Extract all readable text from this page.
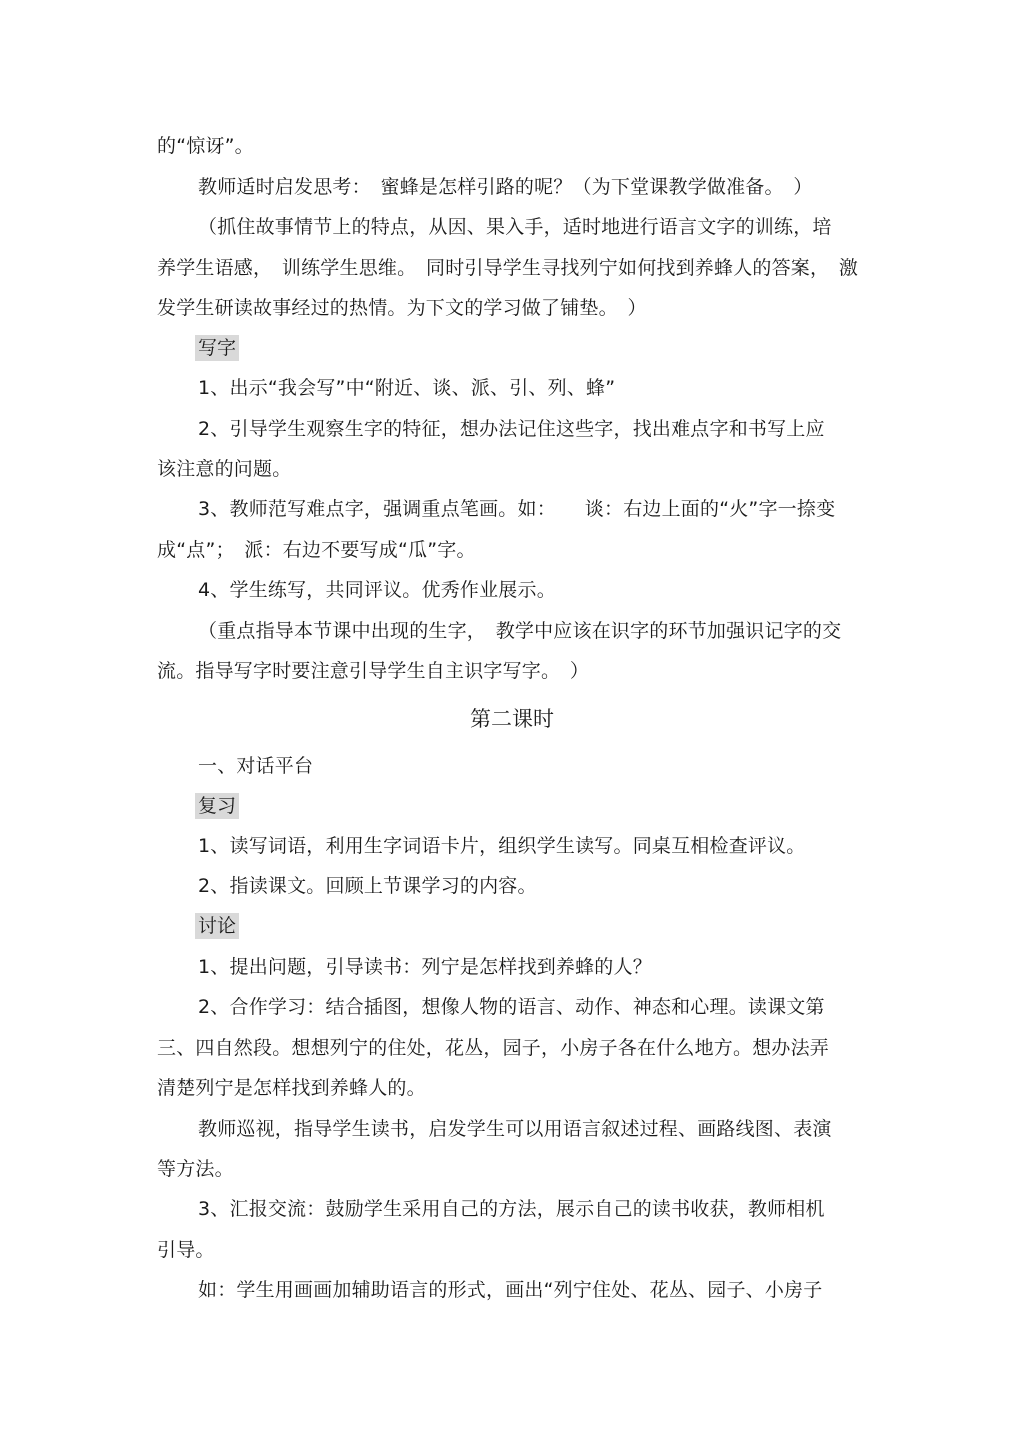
的“惊讶”。
教师适时启发思考：　蜜蜂是怎样引路的呢？（为下堂课教学做准备。　）
（抓住故事情节上的特点，从因、果入手，适时地进行语言文字的训练，培
养学生语感，　训练学生思维。　同时引导学生寻找列宁如何找到养蜂人的答案，　激
发学生研读故事经过的热情。为下文的学习做了铺垫。　）
写字
1、出示“我会写”中“附近、谈、派、引、列、蜂”
2、引导学生观察生字的特征，想办法记住这些字，找出难点字和书写上应
该注意的问题。
3、教师范写难点字，强调重点笔画。如：　　谈：右边上面的“火”字一捺变
成“点”；　派：右边不要写成“瓜”字。
4、学生练写，共同评议。优秀作业展示。
（重点指导本节课中出现的生字，　教学中应该在识字的环节加强识记字的交
流。指导写字时要注意引导学生自主识字写字。　）
第二课时
一、对话平台
复习
1、读写词语，利用生字词语卡片，组织学生读写。同桌互相检查评议。
2、指读课文。回顾上节课学习的内容。
讨论
1、提出问题，引导读书：列宁是怎样找到养蜂的人？
2、合作学习：结合插图，想像人物的语言、动作、神态和心理。读课文第
三、四自然段。想想列宁的住处，花丛，园子，小房子各在什么地方。想办法弄
清楚列宁是怎样找到养蜂人的。
教师巡视，指导学生读书，启发学生可以用语言叙述过程、画路线图、表演
等方法。
3、汇报交流：鼓励学生采用自己的方法，展示自己的读书收获，教师相机
引导。
如：学生用画画加辅助语言的形式，画出“列宁住处、花丛、园子、小房子
